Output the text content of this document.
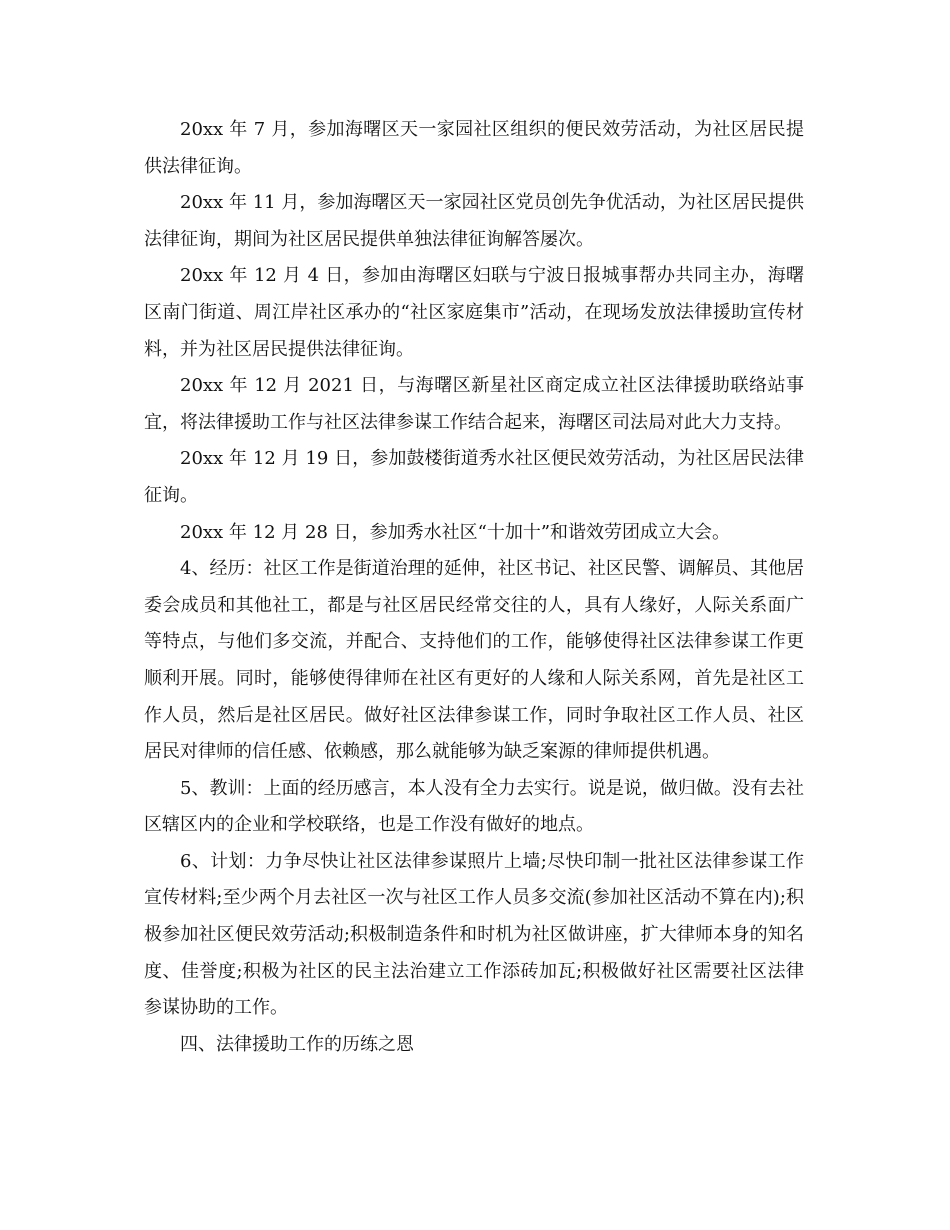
20xx 年 7 月，参加海曙区天一家园社区组织的便民效劳活动，为社区居民提供法律征询。

20xx 年 11 月，参加海曙区天一家园社区党员创先争优活动，为社区居民提供法律征询，期间为社区居民提供单独法律征询解答屡次。

20xx 年 12 月 4 日，参加由海曙区妇联与宁波日报城事帮办共同主办，海曙区南门街道、周江岸社区承办的“社区家庭集市”活动，在现场发放法律援助宣传材料，并为社区居民提供法律征询。

20xx 年 12 月 2021 日，与海曙区新星社区商定成立社区法律援助联络站事宜，将法律援助工作与社区法律参谋工作结合起来，海曙区司法局对此大力支持。

20xx 年 12 月 19 日，参加鼓楼街道秀水社区便民效劳活动，为社区居民法律征询。

20xx 年 12 月 28 日，参加秀水社区“十加十”和谐效劳团成立大会。

4、经历：社区工作是街道治理的延伸，社区书记、社区民警、调解员、其他居委会成员和其他社工，都是与社区居民经常交往的人，具有人缘好，人际关系面广等特点，与他们多交流，并配合、支持他们的工作，能够使得社区法律参谋工作更顺利开展。同时，能够使得律师在社区有更好的人缘和人际关系网，首先是社区工作人员，然后是社区居民。做好社区法律参谋工作，同时争取社区工作人员、社区居民对律师的信任感、依赖感，那么就能够为缺乏案源的律师提供机遇。

5、教训：上面的经历感言，本人没有全力去实行。说是说，做归做。没有去社区辖区内的企业和学校联络，也是工作没有做好的地点。

6、计划：力争尽快让社区法律参谋照片上墙;尽快印制一批社区法律参谋工作宣传材料;至少两个月去社区一次与社区工作人员多交流(参加社区活动不算在内);积极参加社区便民效劳活动;积极制造条件和时机为社区做讲座，扩大律师本身的知名度、佳誉度;积极为社区的民主法治建立工作添砖加瓦;积极做好社区需要社区法律参谋协助的工作。

四、法律援助工作的历练之恩
